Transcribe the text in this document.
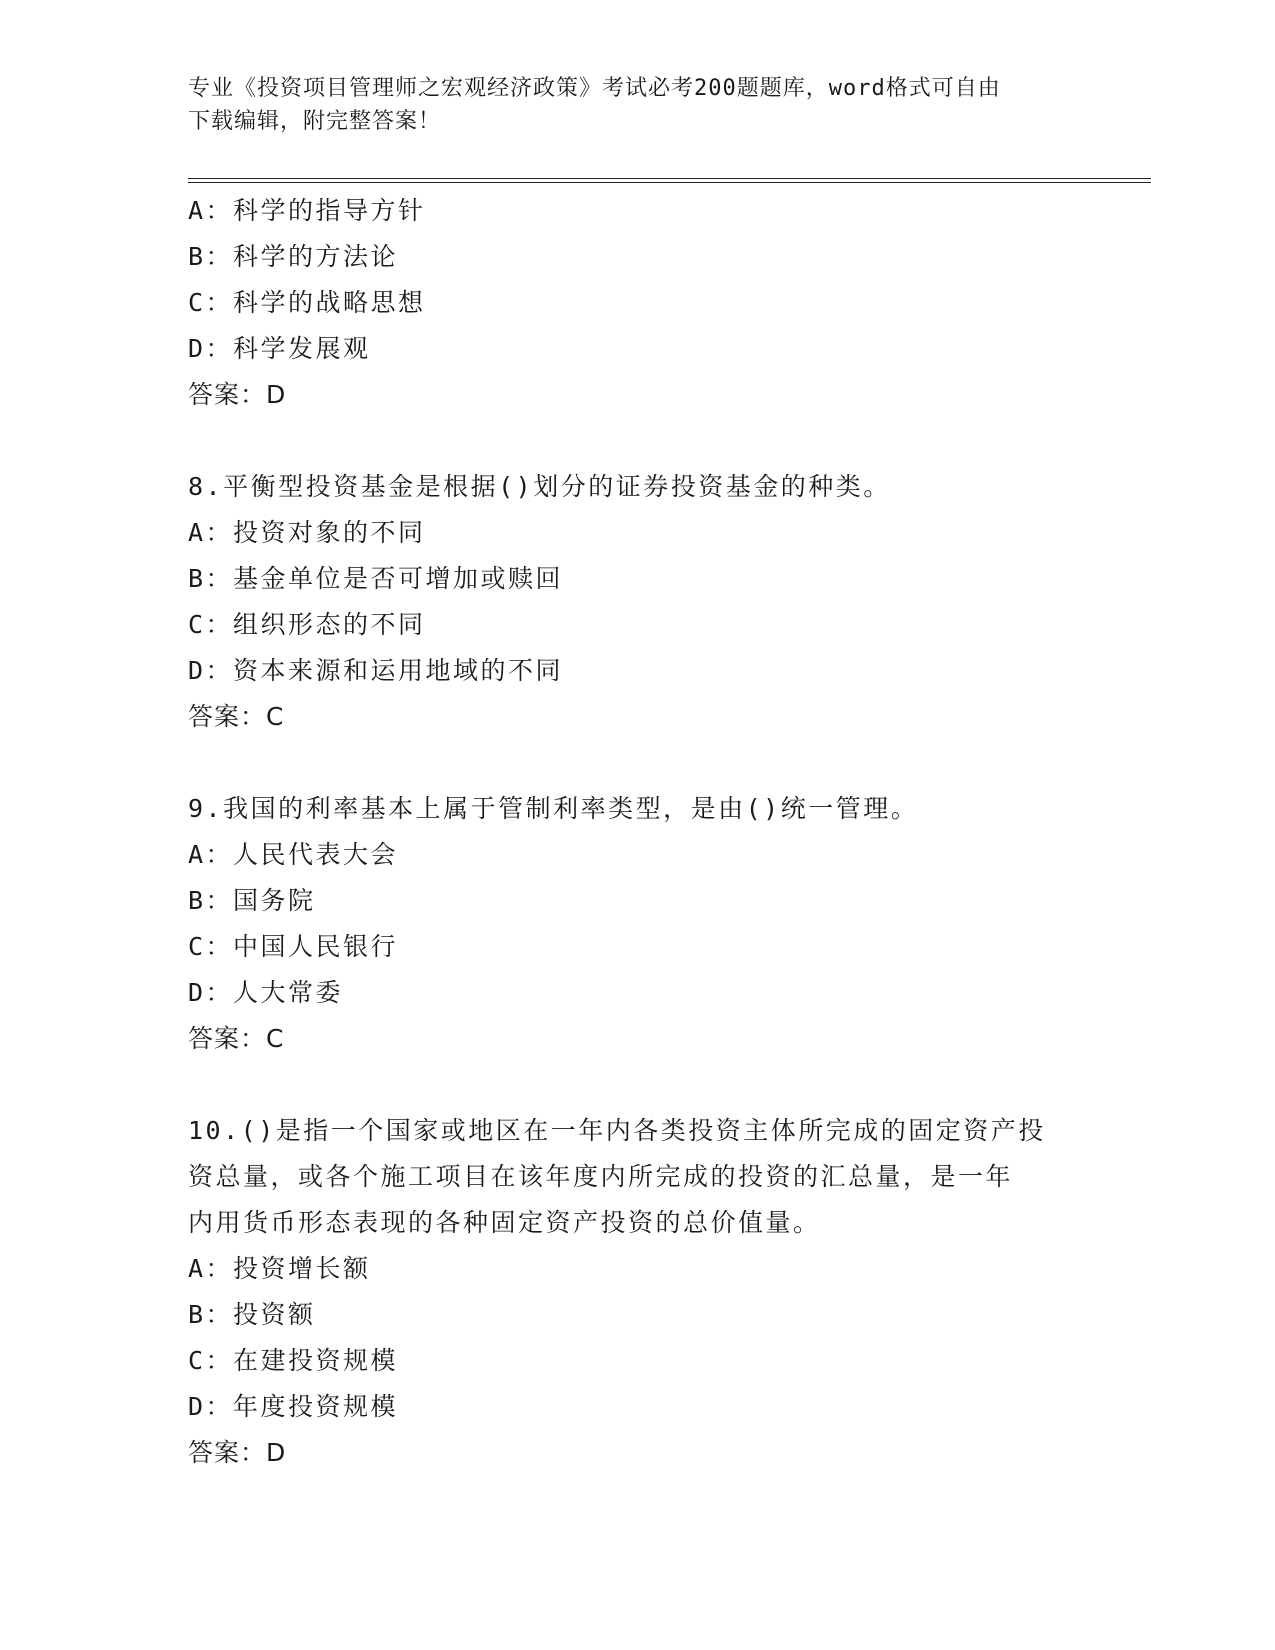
专业《投资项目管理师之宏观经济政策》考试必考200题题库，word格式可自由
下载编辑，附完整答案！
A：科学的指导方针
B：科学的方法论
C：科学的战略思想
D：科学发展观
答案：D
8.平衡型投资基金是根据()划分的证券投资基金的种类。
A：投资对象的不同
B：基金单位是否可增加或赎回
C：组织形态的不同
D：资本来源和运用地域的不同
答案：C
9.我国的利率基本上属于管制利率类型，是由()统一管理。
A：人民代表大会
B：国务院
C：中国人民银行
D：人大常委
答案：C
10.()是指一个国家或地区在一年内各类投资主体所完成的固定资产投
资总量，或各个施工项目在该年度内所完成的投资的汇总量，是一年
内用货币形态表现的各种固定资产投资的总价值量。
A：投资增长额
B：投资额
C：在建投资规模
D：年度投资规模
答案：D
